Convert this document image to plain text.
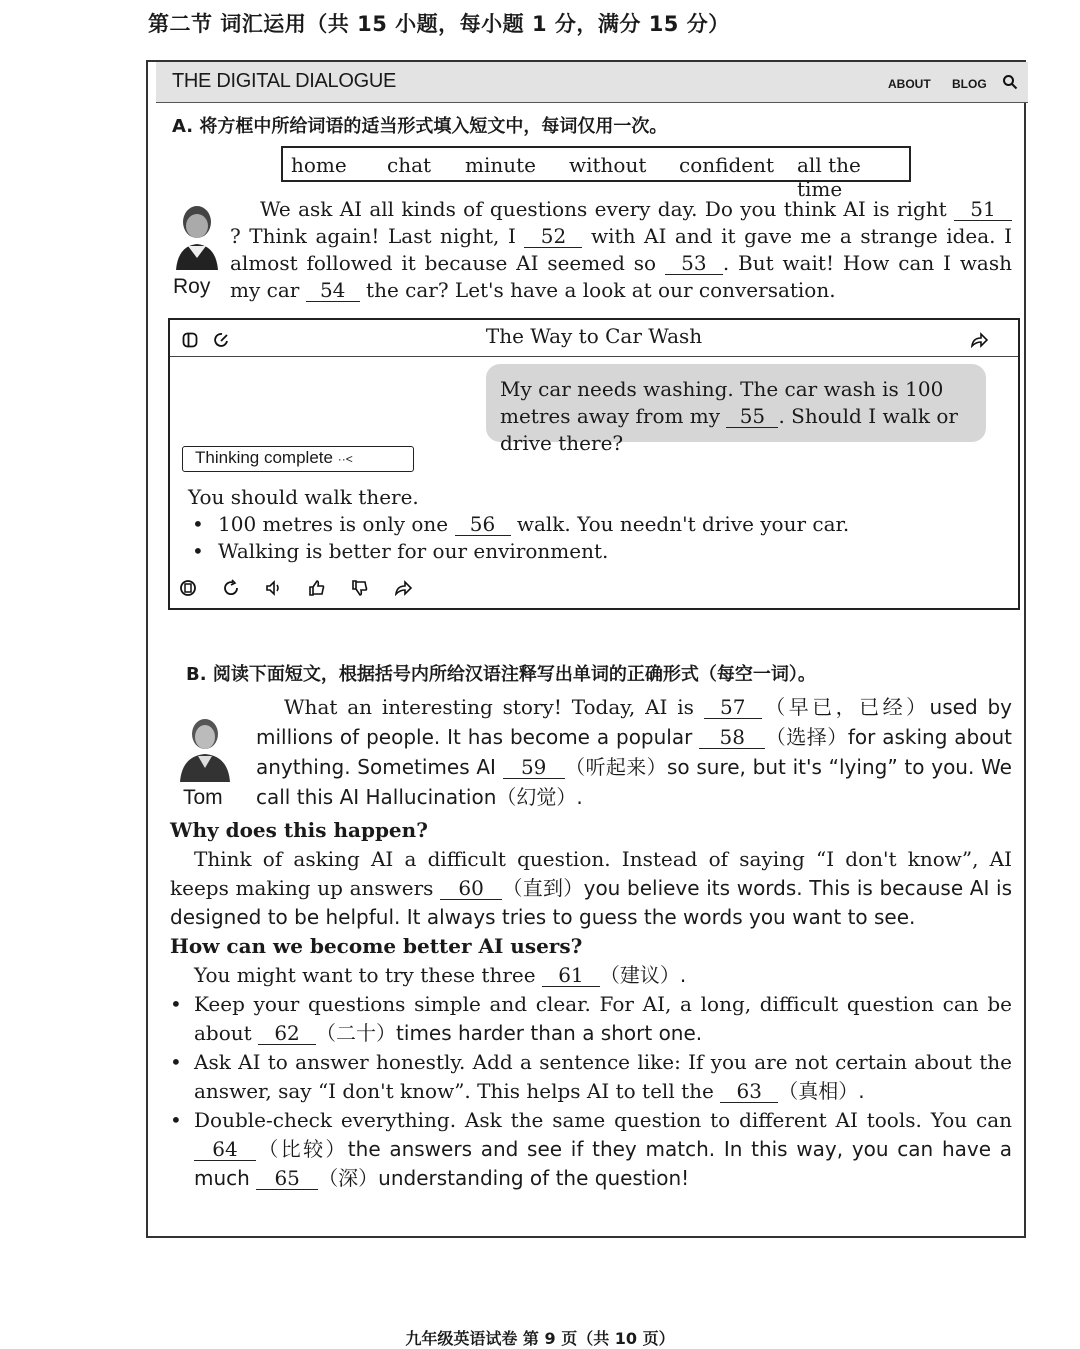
第二节 词汇运用（共 15 小题，每小题 1 分，满分 15 分）
THE DIGITAL DIALOGUE	ABOUT BLOG
A. 将方框中所给词语的适当形式填入短文中，每词仅用一次。
home chat minute without confident all the time
Roy
We ask AI all kinds of questions every day. Do you think AI is right 51 ? Think again! Last night, I 52 with AI and it gave me a strange idea. I almost followed it because AI seemed so 53 . But wait! How can I wash my car 54 the car? Let's have a look at our conversation.
The Way to Car Wash
My car needs washing. The car wash is 100 metres away from my 55 . Should I walk or drive there?
Thinking complete ··˂
You should walk there.
• 100 metres is only one 56 walk. You needn't drive your car.
• Walking is better for our environment.

B. 阅读下面短文，根据括号内所给汉语注释写出单词的正确形式（每空一词）。
Tom
What an interesting story! Today, AI is 57 （早已，已经）used by millions of people. It has become a popular 58 （选择）for asking about anything. Sometimes AI 59 （听起来）so sure, but it's “lying” to you. We call this AI Hallucination（幻觉）.
Why does this happen?
Think of asking AI a difficult question. Instead of saying “I don't know”, AI keeps making up answers 60 （直到）you believe its words. This is because AI is designed to be helpful. It always tries to guess the words you want to see.
How can we become better AI users?
You might want to try these three 61 （建议）.
• Keep your questions simple and clear. For AI, a long, difficult question can be about 62 （二十）times harder than a short one.
• Ask AI to answer honestly. Add a sentence like: If you are not certain about the answer, say “I don't know”. This helps AI to tell the 63 （真相）.
• Double-check everything. Ask the same question to different AI tools. You can 64 （比较）the answers and see if they match. In this way, you can have a much 65 （深）understanding of the question!
九年级英语试卷 第 9 页（共 10 页）
